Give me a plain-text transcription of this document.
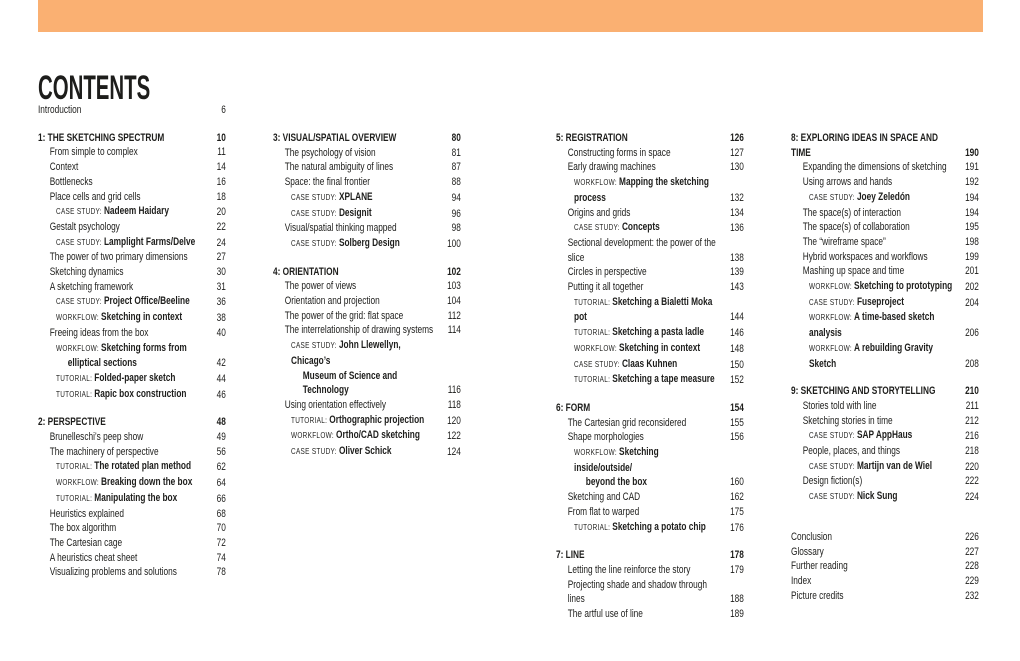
CONTENTS
Introduction	6
1: THE SKETCHING SPECTRUM	10
From simple to complex	11
Context	14
Bottlenecks	16
Place cells and grid cells	18
CASE STUDY: Nadeem Haidary	20
Gestalt psychology	22
CASE STUDY: Lamplight Farms/Delve	24
The power of two primary dimensions	27
Sketching dynamics	30
A sketching framework	31
CASE STUDY: Project Office/Beeline	36
WORKFLOW: Sketching in context	38
Freeing ideas from the box	40
WORKFLOW: Sketching forms from
elliptical sections	42
TUTORIAL: Folded-paper sketch	44
TUTORIAL: Rapic box construction	46
2: PERSPECTIVE	48
Brunelleschi’s peep show	49
The machinery of perspective	56
TUTORIAL: The rotated plan method	62
WORKFLOW: Breaking down the box	64
TUTORIAL: Manipulating the box	66
Heuristics explained	68
The box algorithm	70
The Cartesian cage	72
A heuristics cheat sheet	74
Visualizing problems and solutions	78
3: VISUAL/SPATIAL OVERVIEW	80
The psychology of vision	81
The natural ambiguity of lines	87
Space: the final frontier	88
CASE STUDY: XPLANE	94
CASE STUDY: Designit	96
Visual/spatial thinking mapped	98
CASE STUDY: Solberg Design	100
4: ORIENTATION	102
The power of views	103
Orientation and projection	104
The power of the grid: flat space	112
The interrelationship of drawing systems 114
CASE STUDY: John Llewellyn, Chicago’s
Museum of Science and Technology	116
Using orientation effectively	118
TUTORIAL: Orthographic projection	120
WORKFLOW: Ortho/CAD sketching	122
CASE STUDY: Oliver Schick	124
5: REGISTRATION	126
Constructing forms in space	127
Early drawing machines	130
WORKFLOW: Mapping the sketching process	132
Origins and grids	134
CASE STUDY: Concepts	136
Sectional development: the power of the slice	138
Circles in perspective	139
Putting it all together	143
TUTORIAL: Sketching a Bialetti Moka pot	144
TUTORIAL: Sketching a pasta ladle	146
WORKFLOW: Sketching in context	148
CASE STUDY: Claas Kuhnen	150
TUTORIAL: Sketching a tape measure 152
6: FORM	154
The Cartesian grid reconsidered	155
Shape morphologies	156
WORKFLOW: Sketching inside/outside/
beyond the box	160
Sketching and CAD	162
From flat to warped	175
TUTORIAL: Sketching a potato chip	176
7: LINE	178
Letting the line reinforce the story	179
Projecting shade and shadow through lines	188
The artful use of line	189
8: EXPLORING IDEAS IN SPACE AND TIME	190
Expanding the dimensions of sketching	191
Using arrows and hands	192
CASE STUDY: Joey Zeledón	194
The space(s) of interaction	194
The space(s) of collaboration	195
The “wireframe space”	198
Hybrid workspaces and workflows	199
Mashing up space and time	201
WORKFLOW: Sketching to prototyping 202
CASE STUDY: Fuseproject	204
WORKFLOW: A time-based sketch analysis	206
WORKFLOW: A rebuilding Gravity Sketch	208
9: SKETCHING AND STORYTELLING	210
Stories told with line	211
Sketching stories in time	212
CASE STUDY: SAP AppHaus	216
People, places, and things	218
CASE STUDY: Martijn van de Wiel	220
Design fiction(s)	222
CASE STUDY: Nick Sung	224
Conclusion	226
Glossary	227
Further reading	228
Index	229
Picture credits	232
